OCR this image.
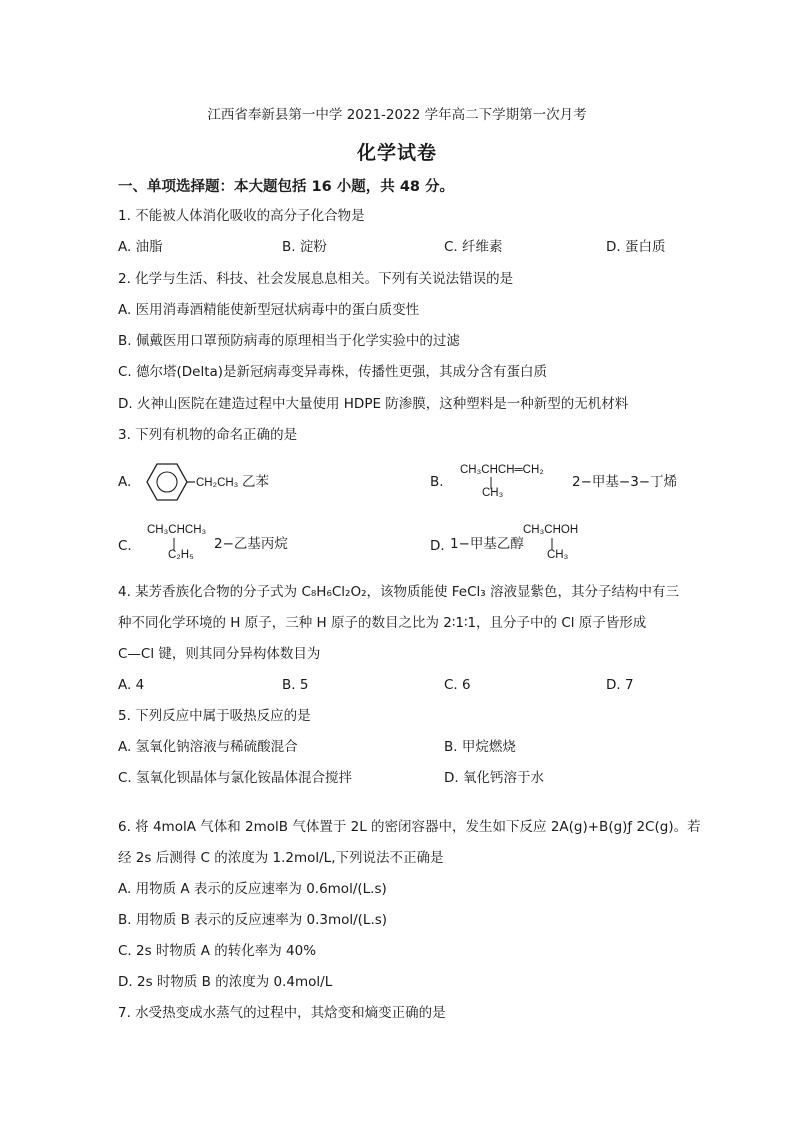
江西省奉新县第一中学 2021-2022 学年高二下学期第一次月考
化学试卷
一、单项选择题：本大题包括 16 小题，共 48 分。
1. 不能被人体消化吸收的高分子化合物是
A. 油脂	B. 淀粉	C. 纤维素	D. 蛋白质
2. 化学与生活、科技、社会发展息息相关。下列有关说法错误的是
A. 医用消毒酒精能使新型冠状病毒中的蛋白质变性
B. 佩戴医用口罩预防病毒的原理相当于化学实验中的过滤
C. 德尔塔(Delta)是新冠病毒变异毒株，传播性更强，其成分含有蛋白质
D. 火神山医院在建造过程中大量使用 HDPE 防渗膜，这种塑料是一种新型的无机材料
3. 下列有机物的命名正确的是
A.	CH₂CH₃ 乙苯	B.
CH₃CHCH═CH₂
CH₃
2−甲基−3−丁烯
C.
CH₃CHCH₃
C₂H₅
2−乙基丙烷	D. 1−甲基乙醇
CH₃CHOH
CH₃
4. 某芳香族化合物的分子式为 C₈H₆Cl₂O₂，该物质能使 FeCl₃ 溶液显紫色，其分子结构中有三
种不同化学环境的 H 原子，三种 H 原子的数目之比为 2∶1∶1，且分子中的 Cl 原子皆形成
C—Cl 键，则其同分异构体数目为
A. 4	B. 5	C. 6	D. 7
5. 下列反应中属于吸热反应的是
A. 氢氧化钠溶液与稀硫酸混合	B. 甲烷燃烧
C. 氢氧化钡晶体与氯化铵晶体混合搅拌	D. 氧化钙溶于水
6. 将 4molA 气体和 2molB 气体置于 2L 的密闭容器中，发生如下反应 2A(g)+B(g)ƒ 2C(g)。若
经 2s 后测得 C 的浓度为 1.2mol/L,下列说法不正确是
A. 用物质 A 表示的反应速率为 0.6mol/(L.s)
B. 用物质 B 表示的反应速率为 0.3mol/(L.s)
C. 2s 时物质 A 的转化率为 40%
D. 2s 时物质 B 的浓度为 0.4mol/L
7. 水受热变成水蒸气的过程中，其焓变和熵变正确的是
